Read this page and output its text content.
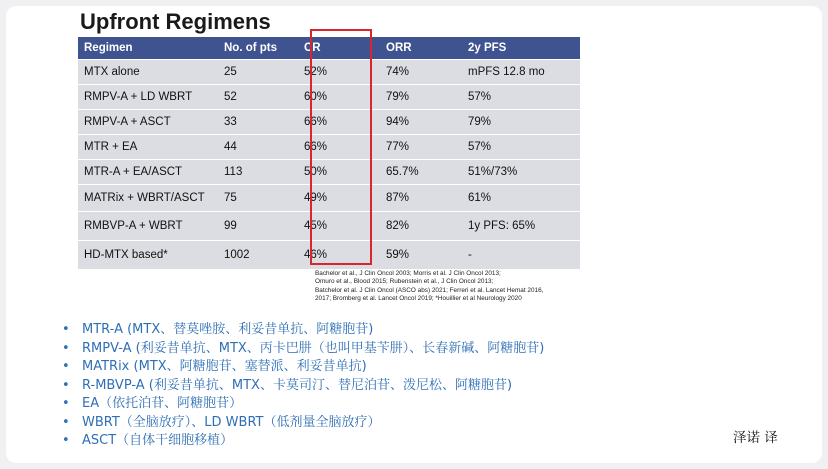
Upfront Regimens
Regimen	No. of pts	CR	ORR	2y PFS
MTX alone	25	52%	74%	mPFS 12.8 mo
RMPV-A + LD WBRT	52	60%	79%	57%
RMPV-A + ASCT	33	66%	94%	79%
MTR + EA	44	66%	77%	57%
MTR-A + EA/ASCT	113	50%	65.7%	51%/73%
MATRix + WBRT/ASCT	75	49%	87%	61%
RMBVP-A + WBRT	99	45%	82%	1y PFS: 65%
HD-MTX based*	1002	46%	59%	-
Bachelor et al., J Clin Oncol 2003; Morris et al. J Clin Oncol 2013;
Omuro et al., Blood 2015; Rubenstein et al., J Clin Oncol 2013;
Batchelor et al. J Clin Oncol (ASCO abs) 2021; Ferreri et al. Lancet Hemat 2016,
2017; Bromberg et al. Lancet Oncol 2019; *Houillier et al Neurology 2020
• MTR-A (MTX、替莫唑胺、利妥昔单抗、阿糖胞苷)
• RMPV-A (利妥昔单抗、MTX、丙卡巴肼（也叫甲基苄肼）、长春新碱、阿糖胞苷)
• MATRix (MTX、阿糖胞苷、塞替派、利妥昔单抗)
• R-MBVP-A (利妥昔单抗、MTX、卡莫司汀、替尼泊苷、泼尼松、阿糖胞苷)
• EA（依托泊苷、阿糖胞苷）
• WBRT（全脑放疗）、LD WBRT（低剂量全脑放疗）
• ASCT（自体干细胞移植）	泽诺 译
